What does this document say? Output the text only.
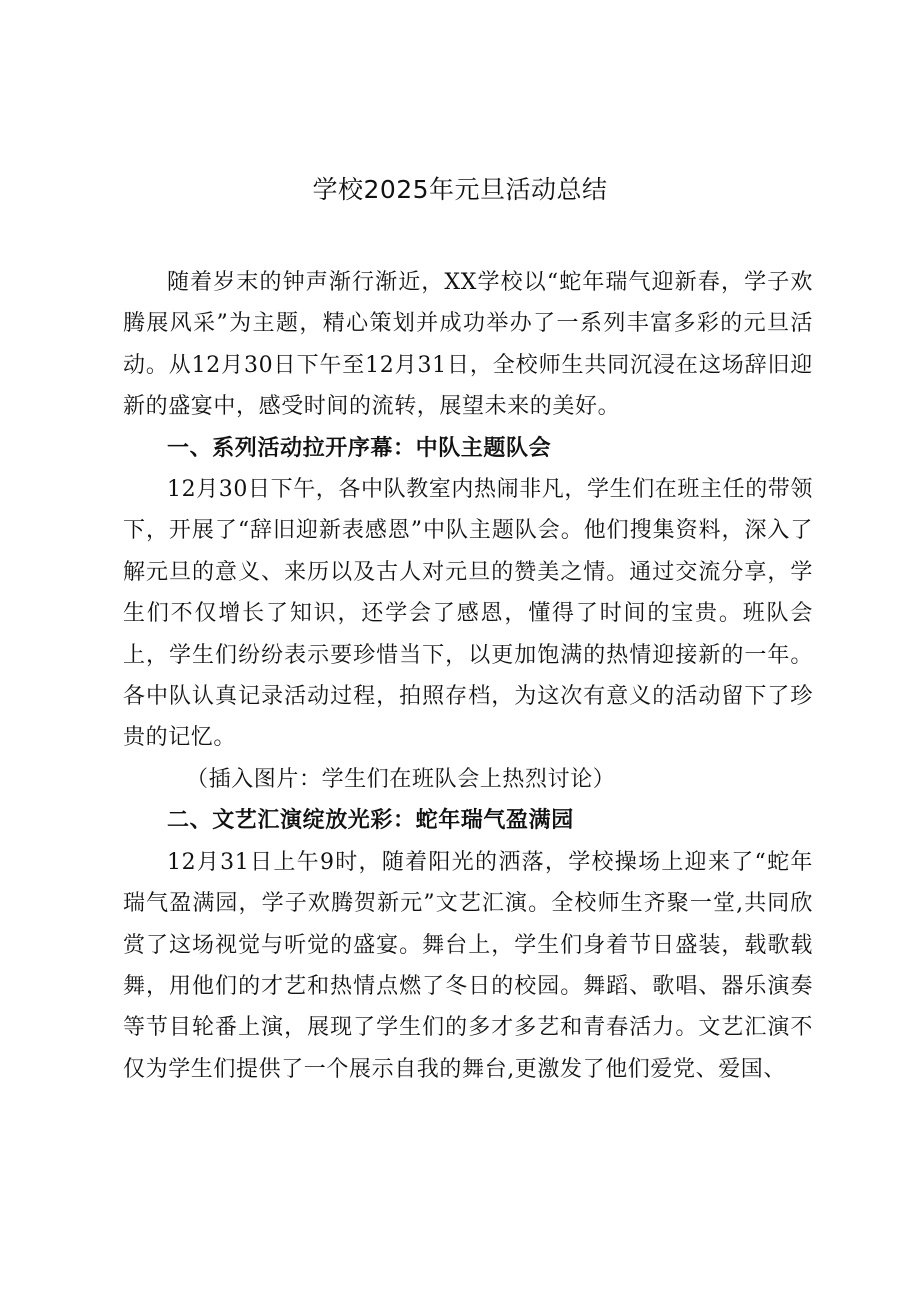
学校2025年元旦活动总结

随着岁末的钟声渐行渐近，XX学校以“蛇年瑞气迎新春，学子欢腾展风采”为主题，精心策划并成功举办了一系列丰富多彩的元旦活动。从12月30日下午至12月31日，全校师生共同沉浸在这场辞旧迎新的盛宴中，感受时间的流转，展望未来的美好。

一、系列活动拉开序幕：中队主题队会

12月30日下午，各中队教室内热闹非凡，学生们在班主任的带领下，开展了“辞旧迎新表感恩”中队主题队会。他们搜集资料，深入了解元旦的意义、来历以及古人对元旦的赞美之情。通过交流分享，学生们不仅增长了知识，还学会了感恩，懂得了时间的宝贵。班队会上，学生们纷纷表示要珍惜当下，以更加饱满的热情迎接新的一年。各中队认真记录活动过程，拍照存档，为这次有意义的活动留下了珍贵的记忆。

（插入图片：学生们在班队会上热烈讨论）

二、文艺汇演绽放光彩：蛇年瑞气盈满园

12月31日上午9时，随着阳光的洒落，学校操场上迎来了“蛇年瑞气盈满园，学子欢腾贺新元”文艺汇演。全校师生齐聚一堂,共同欣赏了这场视觉与听觉的盛宴。舞台上，学生们身着节日盛装，载歌载舞，用他们的才艺和热情点燃了冬日的校园。舞蹈、歌唱、器乐演奏等节目轮番上演，展现了学生们的多才多艺和青春活力。文艺汇演不仅为学生们提供了一个展示自我的舞台,更激发了他们爱党、爱国、
